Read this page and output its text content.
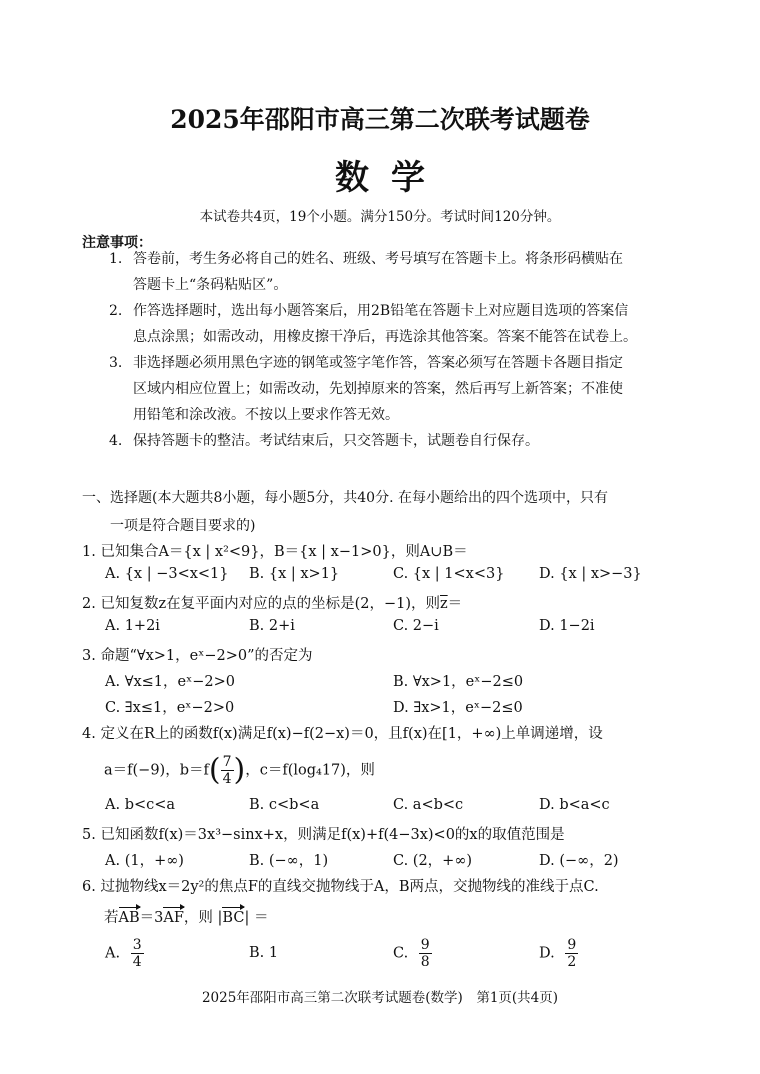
2025年邵阳市高三第二次联考试题卷
数学
本试卷共4页，19个小题。满分150分。考试时间120分钟。
注意事项：
1. 答卷前，考生务必将自己的姓名、班级、考号填写在答题卡上。将条形码横贴在
答题卡上“条码粘贴区”。
2. 作答选择题时，选出每小题答案后，用2B铅笔在答题卡上对应题目选项的答案信
息点涂黑；如需改动，用橡皮擦干净后，再选涂其他答案。答案不能答在试卷上。
3. 非选择题必须用黑色字迹的钢笔或签字笔作答，答案必须写在答题卡各题目指定
区域内相应位置上；如需改动，先划掉原来的答案，然后再写上新答案；不准使
用铅笔和涂改液。不按以上要求作答无效。
4. 保持答题卡的整洁。考试结束后，只交答题卡，试题卷自行保存。
一、选择题(本大题共8小题，每小题5分，共40分. 在每小题给出的四个选项中，只有
一项是符合题目要求的)
1. 已知集合A＝{x | x²<9}，B＝{x | x−1>0}，则A∪B＝
A. {x | −3<x<1} B. {x | x>1}	C. {x | 1<x<3} D. {x | x>−3}
2. 已知复数z在复平面内对应的点的坐标是(2，−1)，则$\overline{z}=$
A. 1+2i	B. 2+i	C. 2−i	D. 1−2i
3. 命题“∀x>1，eˣ−2>0”的否定为
A. ∀x≤1，eˣ−2>0	B. ∀x>1，eˣ−2≤0
C. ∃x≤1，eˣ−2>0	D. ∃x>1，eˣ−2≤0
4. 定义在R上的函数f(x)满足f(x)−f(2−x)＝0，且f(x)在[1，+∞)上单调递增，设
a＝f(−9)，$b=f( \frac{7}{4}$ )，c＝f(log₄17)，则
A. b<c<a	B. c<b<a	C. a<b<c	D. b<a<c
5. 已知函数f(x)＝3x³−sinx+x，则满足f(x)+f(4−3x)<0的x的取值范围是
A. (1，+∞)	B. (−∞，1)	C. (2，+∞)	D. (−∞，2)
6. 过抛物线x＝2y²的焦点F的直线交抛物线于A，B两点，交抛物线的准线于点C.
若AB＝3AF，则 |BC| ＝
A. $\frac{3}{4}$	B. 1	C. $\frac{9}{8}$	D. $\frac{9}{2}$
2025年邵阳市高三第二次联考试题卷(数学)　第1页(共4页)
